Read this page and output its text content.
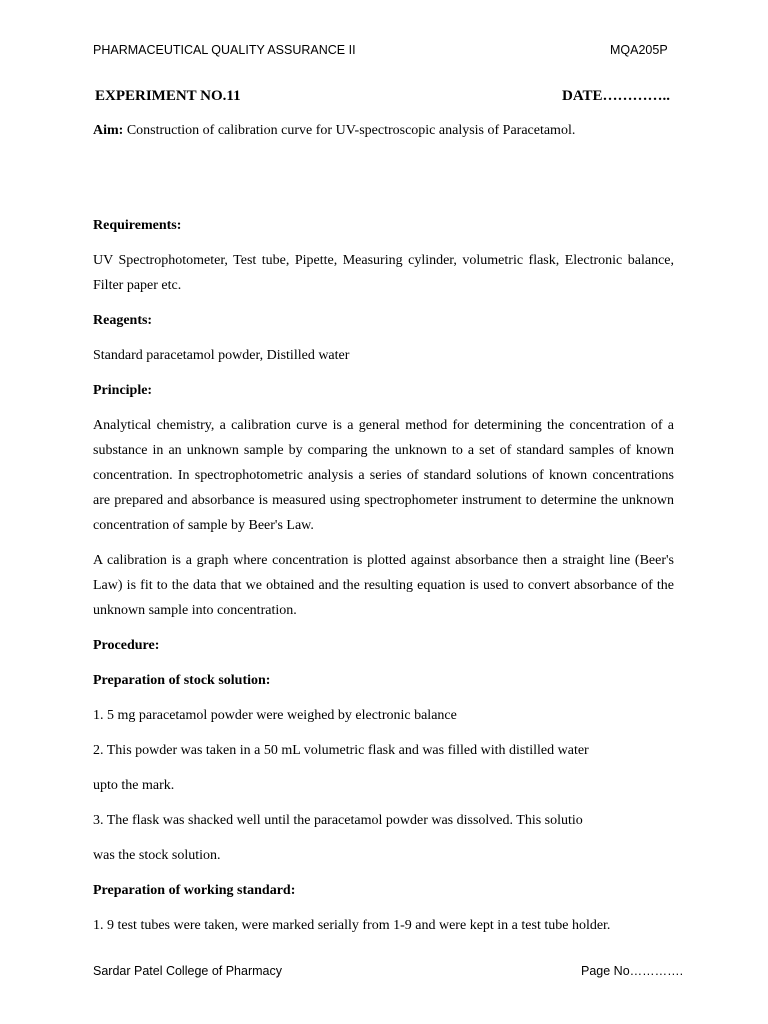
PHARMACEUTICAL QUALITY ASSURANCE II	MQA205P
EXPERIMENT NO.11	DATE…………..
Aim: Construction of calibration curve for UV-spectroscopic analysis of Paracetamol.
Requirements:
UV Spectrophotometer, Test tube, Pipette, Measuring cylinder, volumetric flask, Electronic balance, Filter paper etc.
Reagents:
Standard paracetamol powder, Distilled water
Principle:
Analytical chemistry, a calibration curve is a general method for determining the concentration of a substance in an unknown sample by comparing the unknown to a set of standard samples of known concentration. In spectrophotometric analysis a series of standard solutions of known concentrations are prepared and absorbance is measured using spectrophometer instrument to determine the unknown concentration of sample by Beer's Law.
A calibration is a graph where concentration is plotted against absorbance then a straight line (Beer's Law) is fit to the data that we obtained and the resulting equation is used to convert absorbance of the unknown sample into concentration.
Procedure:
Preparation of stock solution:
1. 5 mg paracetamol powder were weighed by electronic balance
2. This powder was taken in a 50 mL volumetric flask and was filled with distilled water
upto the mark.
3. The flask was shacked well until the paracetamol powder was dissolved. This solutio
was the stock solution.
Preparation of working standard:
1. 9 test tubes were taken, were marked serially from 1-9 and were kept in a test tube holder.
Sardar Patel College of Pharmacy	Page No………….
